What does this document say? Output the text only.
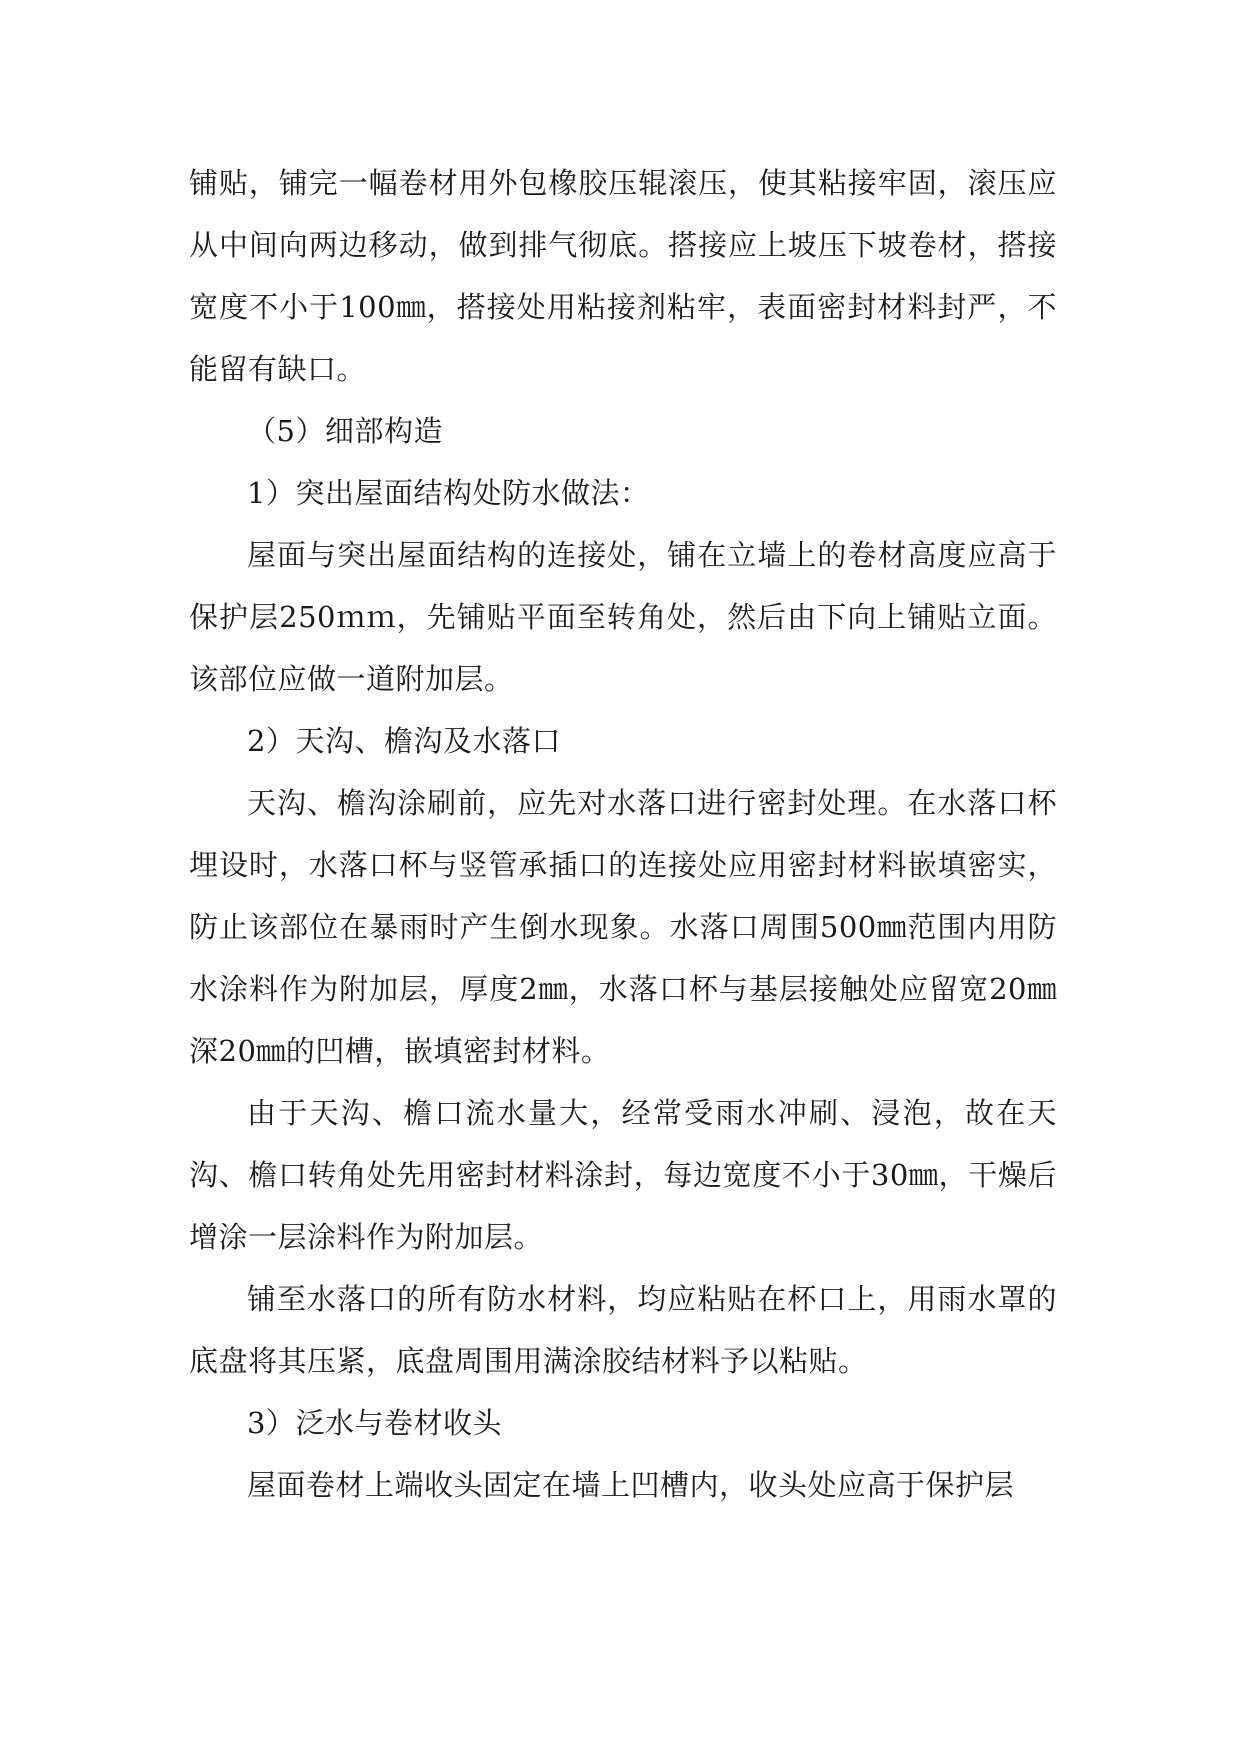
铺贴，铺完一幅卷材用外包橡胶压辊滚压，使其粘接牢固，滚压应从中间向两边移动，做到排气彻底。搭接应上坡压下坡卷材，搭接宽度不小于100㎜，搭接处用粘接剂粘牢，表面密封材料封严，不能留有缺口。

（5）细部构造

1）突出屋面结构处防水做法：

屋面与突出屋面结构的连接处，铺在立墙上的卷材高度应高于保护层250ｍｍ，先铺贴平面至转角处，然后由下向上铺贴立面。该部位应做一道附加层。

2）天沟、檐沟及水落口

天沟、檐沟涂刷前，应先对水落口进行密封处理。在水落口杯埋设时，水落口杯与竖管承插口的连接处应用密封材料嵌填密实，防止该部位在暴雨时产生倒水现象。水落口周围500㎜范围内用防水涂料作为附加层，厚度2㎜，水落口杯与基层接触处应留宽20㎜深20㎜的凹槽，嵌填密封材料。

由于天沟、檐口流水量大，经常受雨水冲刷、浸泡，故在天沟、檐口转角处先用密封材料涂封，每边宽度不小于30㎜，干燥后增涂一层涂料作为附加层。

铺至水落口的所有防水材料，均应粘贴在杯口上，用雨水罩的底盘将其压紧，底盘周围用满涂胶结材料予以粘贴。

3）泛水与卷材收头

屋面卷材上端收头固定在墙上凹槽内，收头处应高于保护层
